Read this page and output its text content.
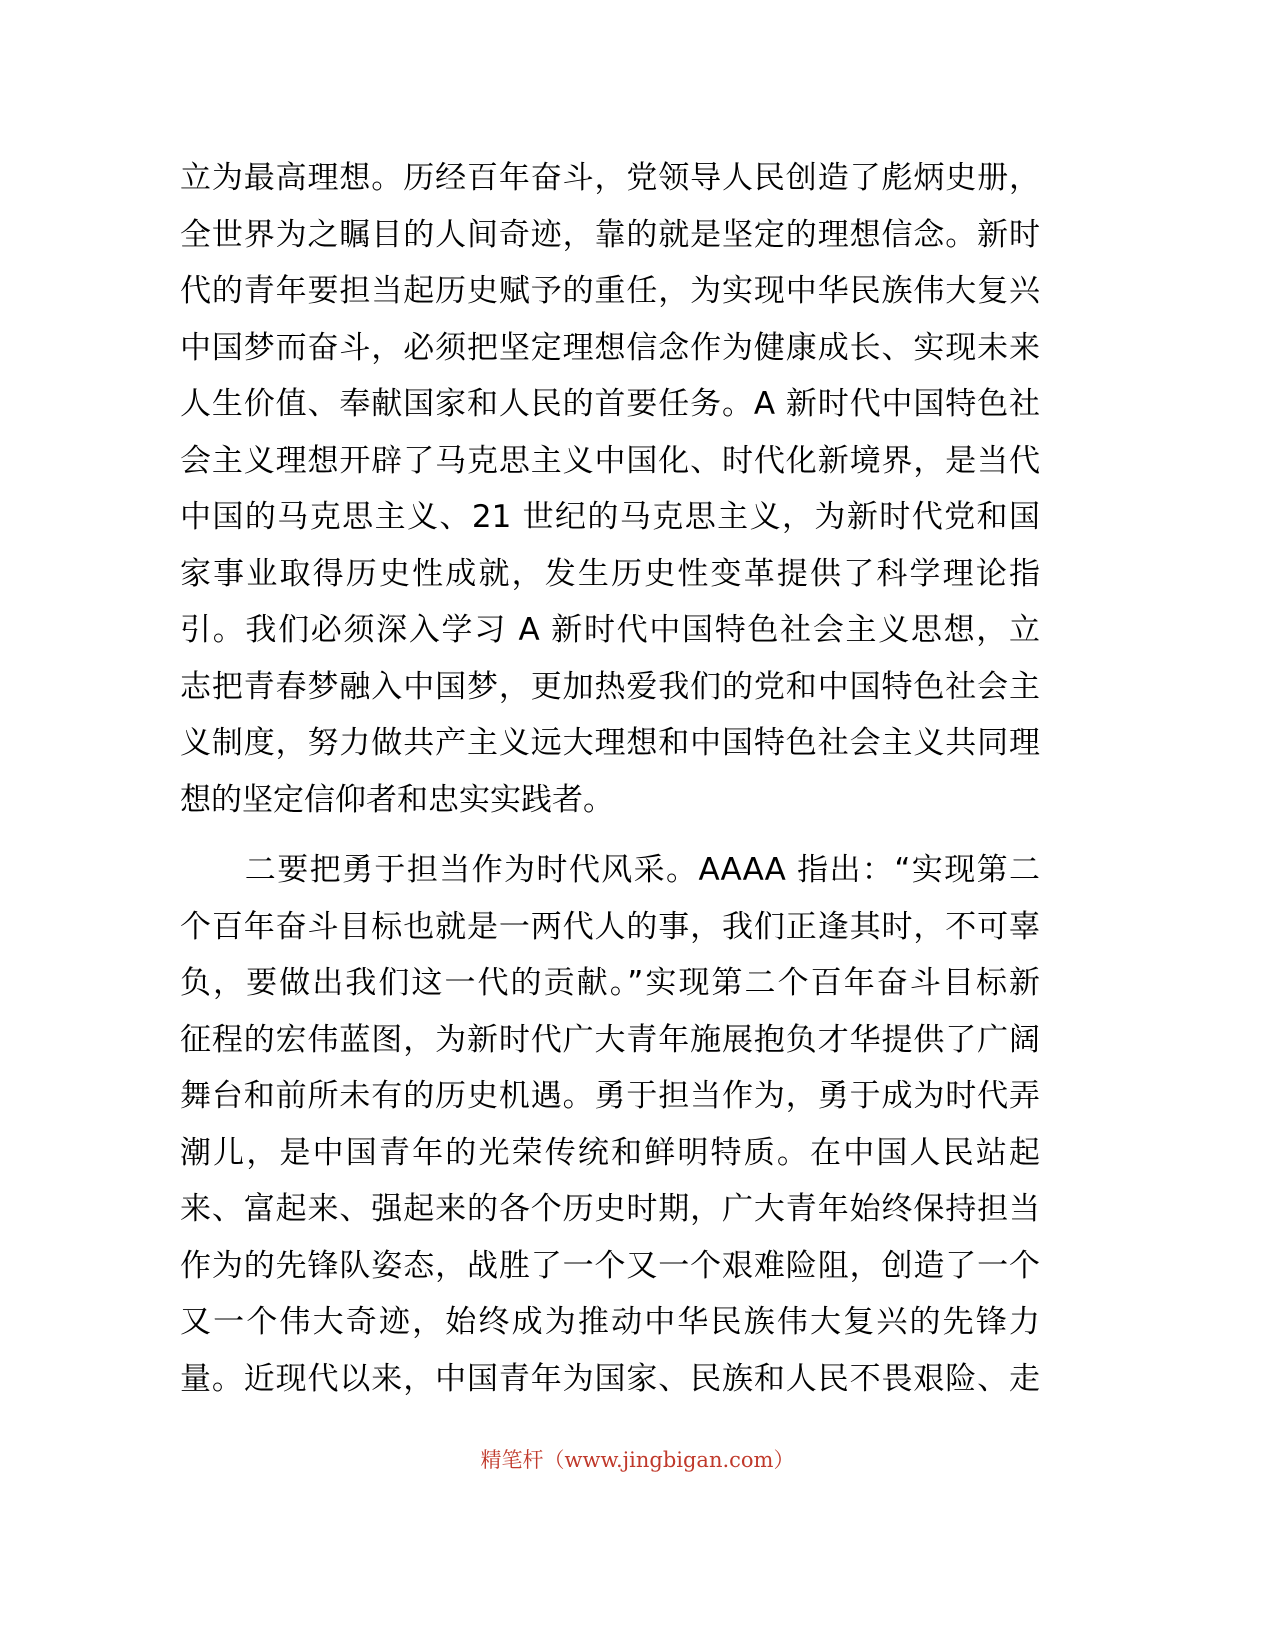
立为最高理想。历经百年奋斗，党领导人民创造了彪炳史册，
全世界为之瞩目的人间奇迹，靠的就是坚定的理想信念。新时
代的青年要担当起历史赋予的重任，为实现中华民族伟大复兴
中国梦而奋斗，必须把坚定理想信念作为健康成长、实现未来
人生价值、奉献国家和人民的首要任务。A 新时代中国特色社
会主义理想开辟了马克思主义中国化、时代化新境界，是当代
中国的马克思主义、21 世纪的马克思主义，为新时代党和国
家事业取得历史性成就，发生历史性变革提供了科学理论指
引。我们必须深入学习 A 新时代中国特色社会主义思想，立
志把青春梦融入中国梦，更加热爱我们的党和中国特色社会主
义制度，努力做共产主义远大理想和中国特色社会主义共同理
想的坚定信仰者和忠实实践者。
　　二要把勇于担当作为时代风采。AAAA 指出：“实现第二
个百年奋斗目标也就是一两代人的事，我们正逢其时，不可辜
负，要做出我们这一代的贡献。”实现第二个百年奋斗目标新
征程的宏伟蓝图，为新时代广大青年施展抱负才华提供了广阔
舞台和前所未有的历史机遇。勇于担当作为，勇于成为时代弄
潮儿，是中国青年的光荣传统和鲜明特质。在中国人民站起
来、富起来、强起来的各个历史时期，广大青年始终保持担当
作为的先锋队姿态，战胜了一个又一个艰难险阻，创造了一个
又一个伟大奇迹，始终成为推动中华民族伟大复兴的先锋力
量。近现代以来，中国青年为国家、民族和人民不畏艰险、走
精笔杆（www.jingbigan.com）
